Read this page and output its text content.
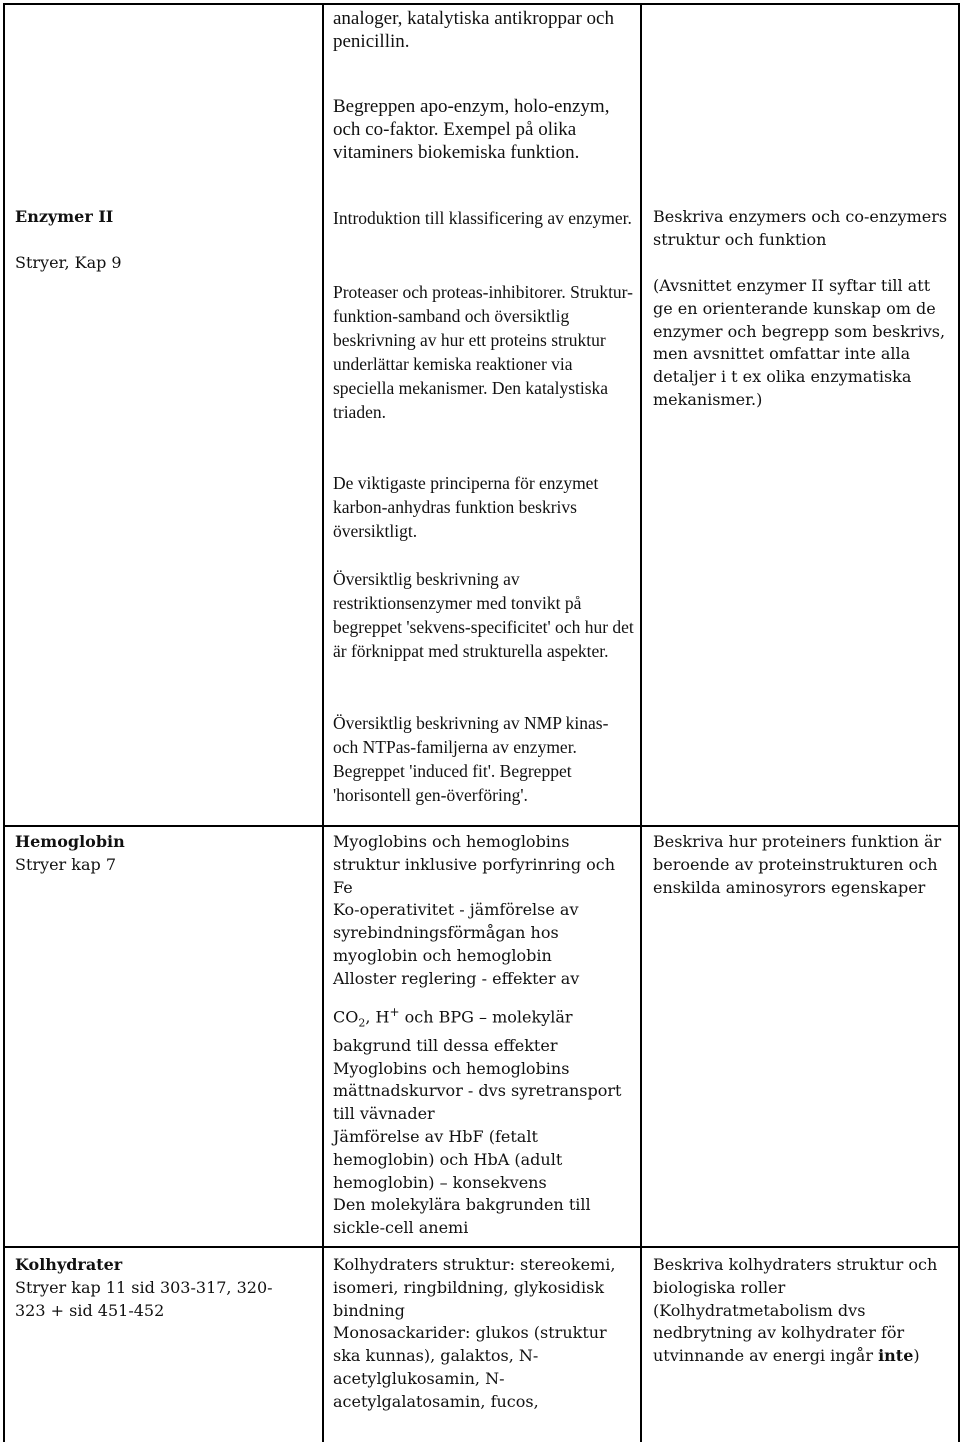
Enzymer II

Stryer, Kap 9

analoger, katalytiska antikroppar och penicillin.

Begreppen apo-enzym, holo-enzym, och co-faktor. Exempel på olika vitaminers biokemiska funktion.

Introduktion till klassificering av enzymer.

Proteaser och proteas-inhibitorer. Struktur-funktion-samband och översiktlig beskrivning av hur ett proteins struktur underlättar kemiska reaktioner via speciella mekanismer. Den katalystiska triaden.

De viktigaste principerna för enzymet karbon-anhydras funktion beskrivs översiktligt.

Översiktlig beskrivning av restriktionsenzymer med tonvikt på begreppet 'sekvens-specificitet' och hur det är förknippat med strukturella aspekter.

Översiktlig beskrivning av NMP kinas- och NTPas-familjerna av enzymer. Begreppet 'induced fit'. Begreppet 'horisontell gen-överföring'.

Beskriva enzymers och co-enzymers struktur och funktion

(Avsnittet enzymer II syftar till att ge en orienterande kunskap om de enzymer och begrepp som beskrivs, men avsnittet omfattar inte alla detaljer i t ex olika enzymatiska mekanismer.)

Hemoglobin

Stryer kap 7

Myoglobins och hemoglobins struktur inklusive porfyrinring och Fe
Ko-operativitet - jämförelse av syrebindningsförmågan hos myoglobin och hemoglobin
Alloster reglering - effekter av
$CO_2$, H+ och BPG – molekylär bakgrund till dessa effekter
Myoglobins och hemoglobins mättnadskurvor - dvs syretransport till vävnader
Jämförelse av HbF (fetalt hemoglobin) och HbA (adult hemoglobin) – konsekvens
Den molekylära bakgrunden till sickle-cell anemi

Beskriva hur proteiners funktion är beroende av proteinstrukturen och enskilda aminosyrors egenskaper

Kolhydrater

Stryer kap 11 sid 303-317, 320-323 + sid 451-452

Kolhydraters struktur: stereokemi, isomeri, ringbildning, glykosidisk bindning
Monosackarider: glukos (struktur ska kunnas), galaktos, N-acetylglukosamin, N-acetylgalatosamin, fucos,

Beskriva kolhydraters struktur och biologiska roller (Kolhydratmetabolism dvs nedbrytning av kolhydrater för utvinnande av energi ingår inte)
